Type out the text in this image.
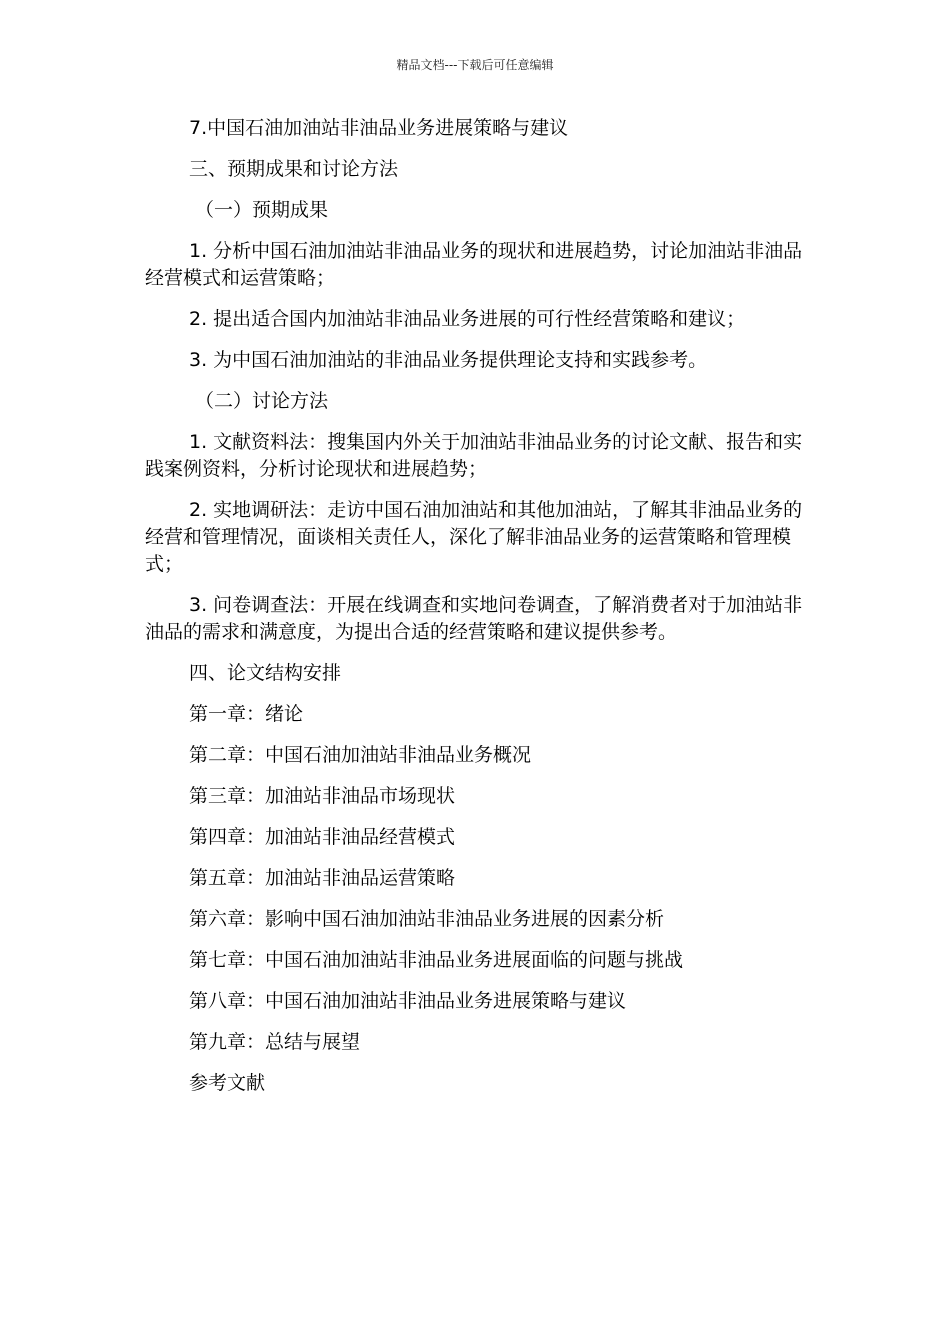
精品文档---下载后可任意编辑

7.中国石油加油站非油品业务进展策略与建议

三、预期成果和讨论方法

（一）预期成果

1. 分析中国石油加油站非油品业务的现状和进展趋势，讨论加油站非油品经营模式和运营策略；

2. 提出适合国内加油站非油品业务进展的可行性经营策略和建议；

3. 为中国石油加油站的非油品业务提供理论支持和实践参考。

（二）讨论方法

1. 文献资料法：搜集国内外关于加油站非油品业务的讨论文献、报告和实践案例资料，分析讨论现状和进展趋势；

2. 实地调研法：走访中国石油加油站和其他加油站，了解其非油品业务的经营和管理情况，面谈相关责任人，深化了解非油品业务的运营策略和管理模式；

3. 问卷调查法：开展在线调查和实地问卷调查，了解消费者对于加油站非油品的需求和满意度，为提出合适的经营策略和建议提供参考。

四、论文结构安排

第一章：绪论

第二章：中国石油加油站非油品业务概况

第三章：加油站非油品市场现状

第四章：加油站非油品经营模式

第五章：加油站非油品运营策略

第六章：影响中国石油加油站非油品业务进展的因素分析

第七章：中国石油加油站非油品业务进展面临的问题与挑战

第八章：中国石油加油站非油品业务进展策略与建议

第九章：总结与展望

参考文献
